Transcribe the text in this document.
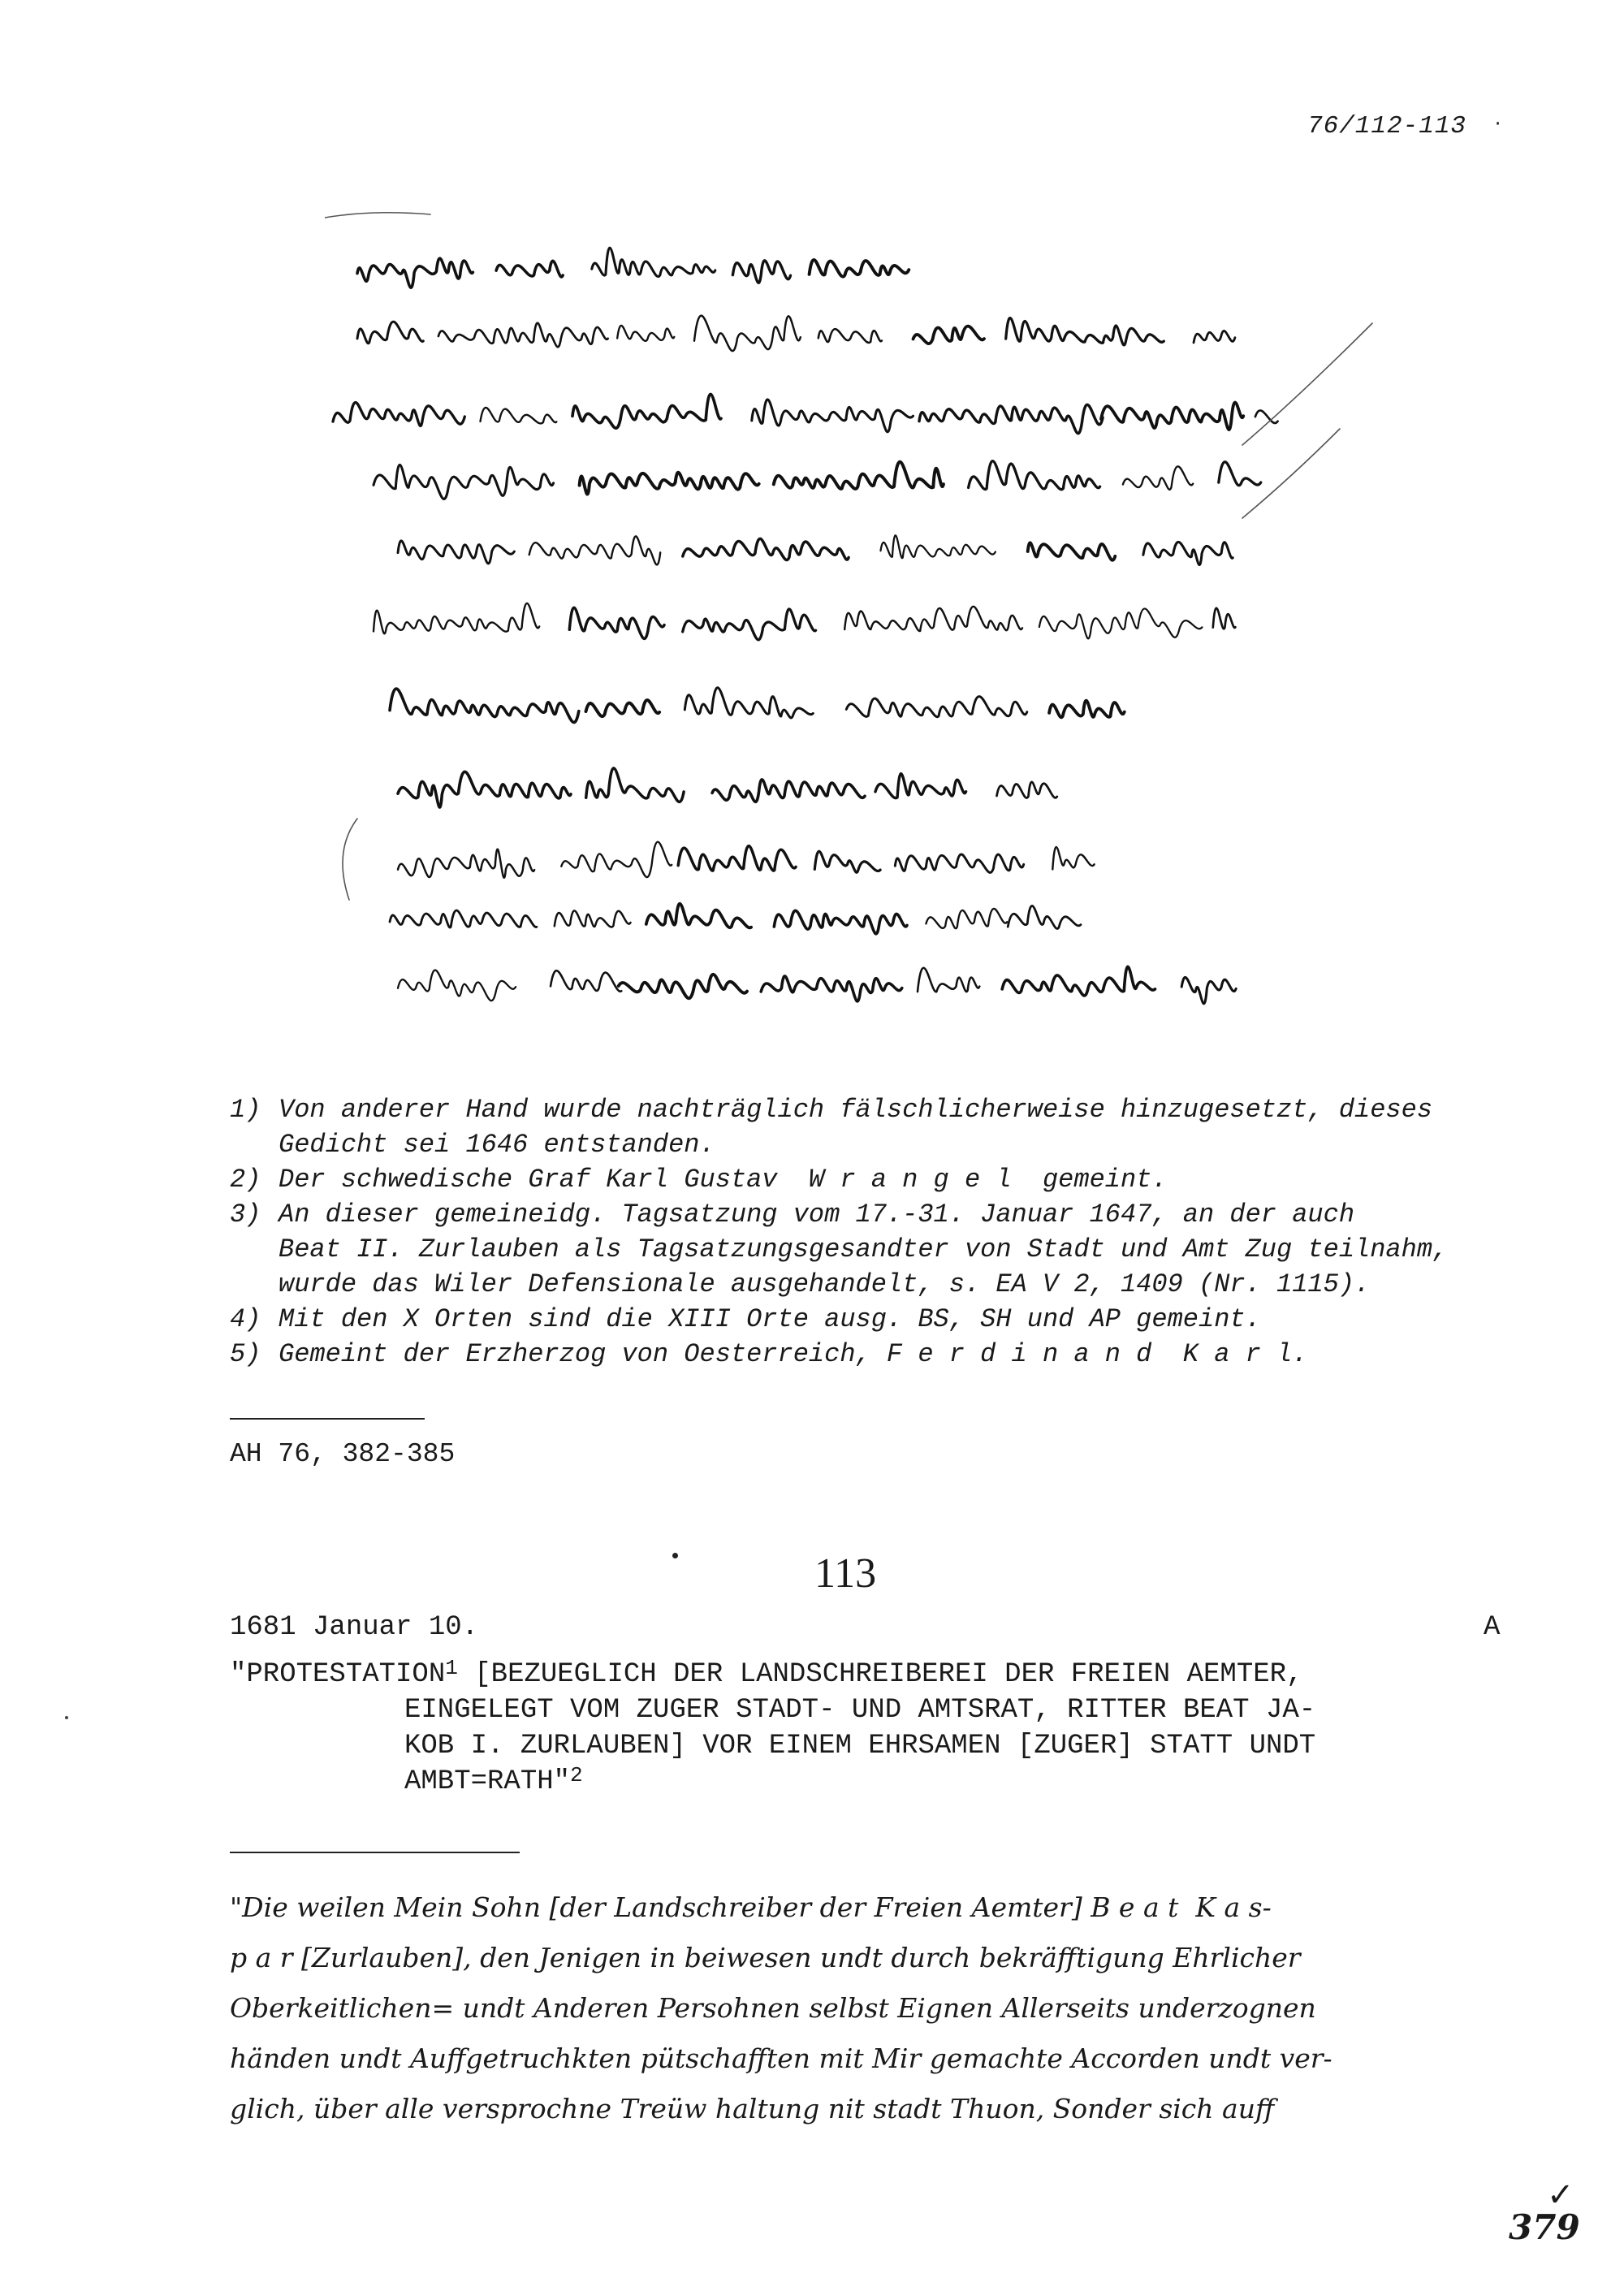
76/112-113 ·
1) Von anderer Hand wurde nachträglich fälschlicherweise hinzugesetzt, dieses
Gedicht sei 1646 entstanden.
2) Der schwedische Graf Karl Gustav  W r a n g e l  gemeint.
3) An dieser gemeineidg. Tagsatzung vom 17.-31. Januar 1647, an der auch
Beat II. Zurlauben als Tagsatzungsgesandter von Stadt und Amt Zug teilnahm,
wurde das Wiler Defensionale ausgehandelt, s. EA V 2, 1409 (Nr. 1115).
4) Mit den X Orten sind die XIII Orte ausg. BS, SH und AP gemeint.
5) Gemeint der Erzherzog von Oesterreich, F e r d i n a n d  K a r l.
AH 76, 382-385
113
1681 Januar 10.	A
"PROTESTATION$^1$ [BEZUEGLICH DER LANDSCHREIBEREI DER FREIEN AEMTER,
EINGELEGT VOM ZUGER STADT- UND AMTSRAT, RITTER BEAT JA-
KOB I. ZURLAUBEN] VOR EINEM EHRSAMEN [ZUGER] STATT UNDT
AMBT=RATH"$^2$
"Die weilen Mein Sohn [der Landschreiber der Freien Aemter] B e a t  K a s-
p a r [Zurlauben], den Jenigen in beiwesen undt durch bekräfftigung Ehrlicher
Oberkeitlichen= undt Anderen Persohnen selbst Eignen Allerseits underzognen
händen undt Auffgetruchkten pütschafften mit Mir gemachte Accorden undt ver-
glich, über alle versprochne Treüw haltung nit stadt Thuon, Sonder sich auff
✓
379
